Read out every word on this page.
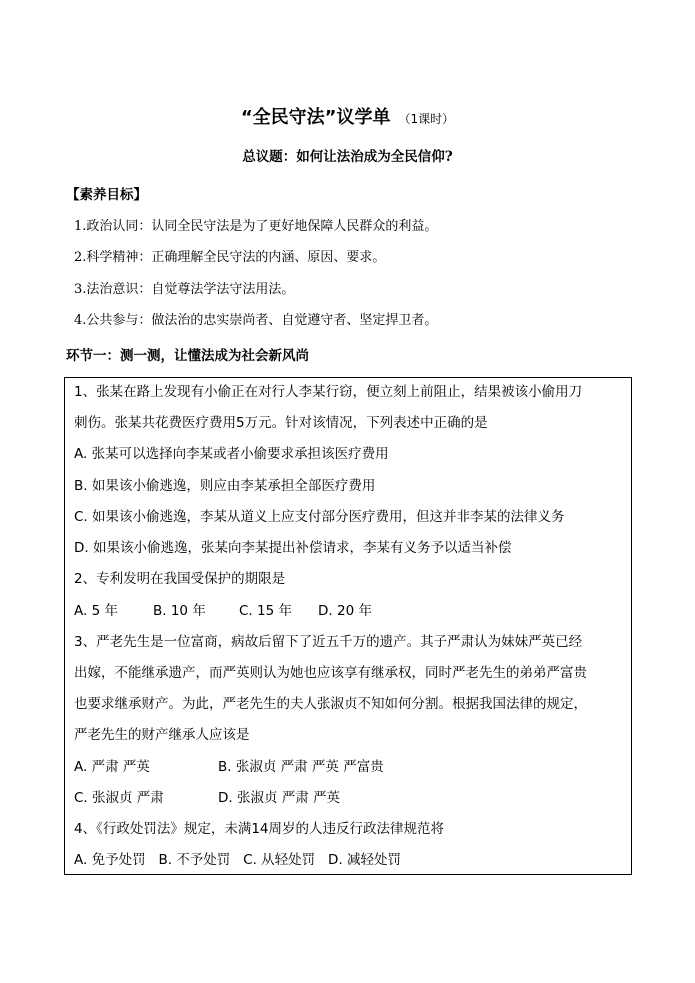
“全民守法”议学单 （1课时）
总议题：如何让法治成为全民信仰?
【素养目标】
1.政治认同：认同全民守法是为了更好地保障人民群众的利益。
2.科学精神：正确理解全民守法的内涵、原因、要求。
3.法治意识：自觉尊法学法守法用法。
4.公共参与：做法治的忠实崇尚者、自觉遵守者、坚定捍卫者。
环节一：测一测，让懂法成为社会新风尚
1、张某在路上发现有小偷正在对行人李某行窃，便立刻上前阻止，结果被该小偷用刀
刺伤。张某共花费医疗费用5万元。针对该情况，下列表述中正确的是
A. 张某可以选择向李某或者小偷要求承担该医疗费用
B. 如果该小偷逃逸，则应由李某承担全部医疗费用
C. 如果该小偷逃逸，李某从道义上应支付部分医疗费用，但这并非李某的法律义务
D. 如果该小偷逃逸，张某向李某提出补偿请求，李某有义务予以适当补偿
2、专利发明在我国受保护的期限是
A. 5 年	B. 10 年 C. 15 年 D. 20 年
3、严老先生是一位富商，病故后留下了近五千万的遗产。其子严肃认为妹妹严英已经
出嫁，不能继承遗产，而严英则认为她也应该享有继承权，同时严老先生的弟弟严富贵
也要求继承财产。为此，严老先生的夫人张淑贞不知如何分割。根据我国法律的规定，
严老先生的财产继承人应该是
A. 严肃 严英	B. 张淑贞 严肃 严英 严富贵
C. 张淑贞 严肃	D. 张淑贞 严肃 严英
4、《行政处罚法》规定，未满14周岁的人违反行政法律规范将
A. 免予处罚   B. 不予处罚   C. 从轻处罚   D. 减轻处罚
